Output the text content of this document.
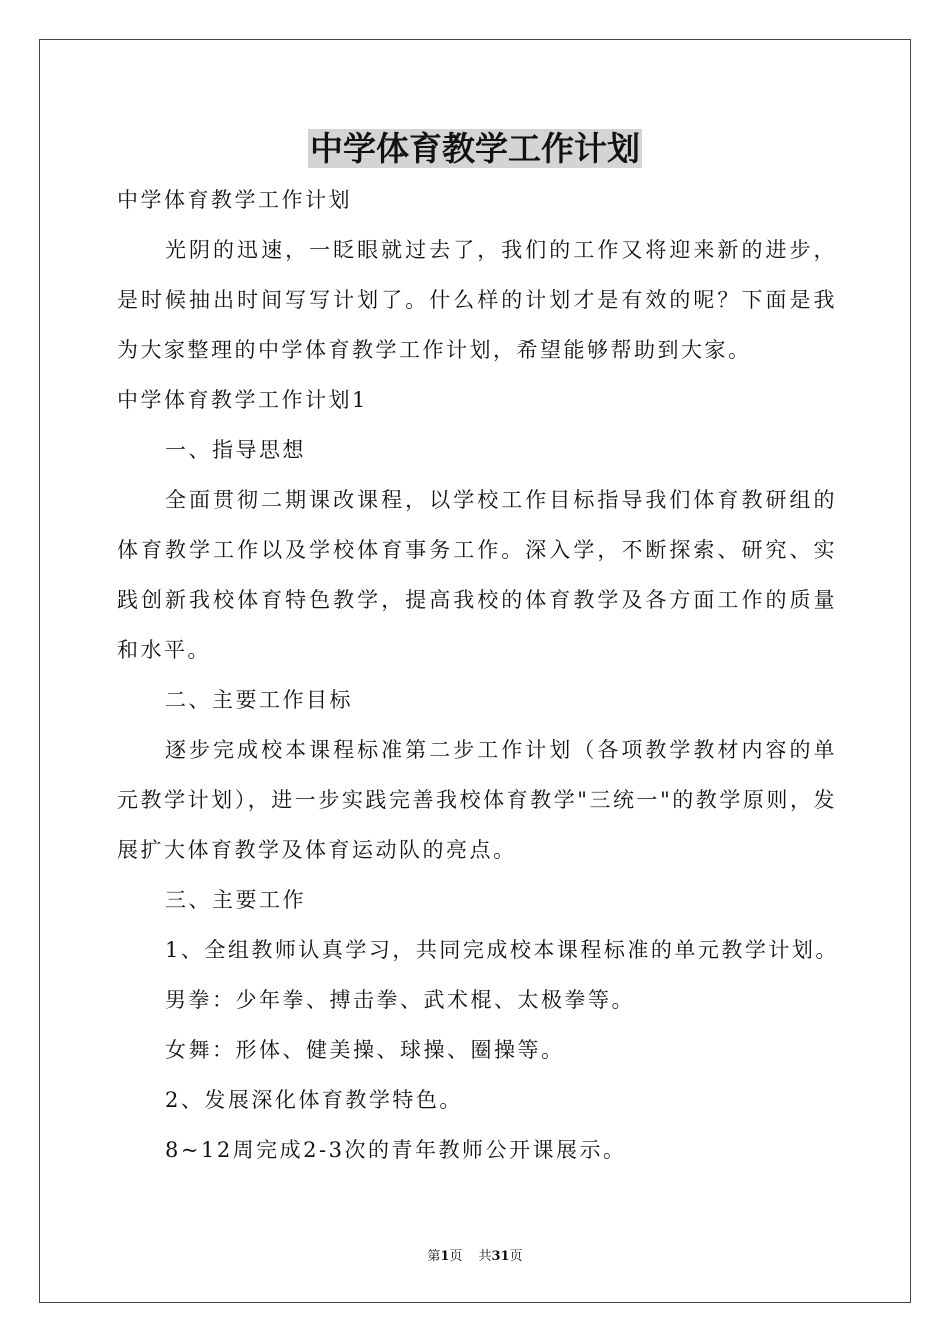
中学体育教学工作计划

中学体育教学工作计划

光阴的迅速，一眨眼就过去了，我们的工作又将迎来新的进步，是时候抽出时间写写计划了。什么样的计划才是有效的呢？下面是我为大家整理的中学体育教学工作计划，希望能够帮助到大家。

中学体育教学工作计划1

一、指导思想

全面贯彻二期课改课程，以学校工作目标指导我们体育教研组的体育教学工作以及学校体育事务工作。深入学，不断探索、研究、实践创新我校体育特色教学，提高我校的体育教学及各方面工作的质量和水平。

二、主要工作目标

逐步完成校本课程标准第二步工作计划（各项教学教材内容的单元教学计划），进一步实践完善我校体育教学"三统一"的教学原则，发展扩大体育教学及体育运动队的亮点。

三、主要工作

1、全组教师认真学习，共同完成校本课程标准的单元教学计划。

男拳：少年拳、搏击拳、武术棍、太极拳等。

女舞：形体、健美操、球操、圈操等。

2、发展深化体育教学特色。

8~12周完成2-3次的青年教师公开课展示。

第1页 共31页
